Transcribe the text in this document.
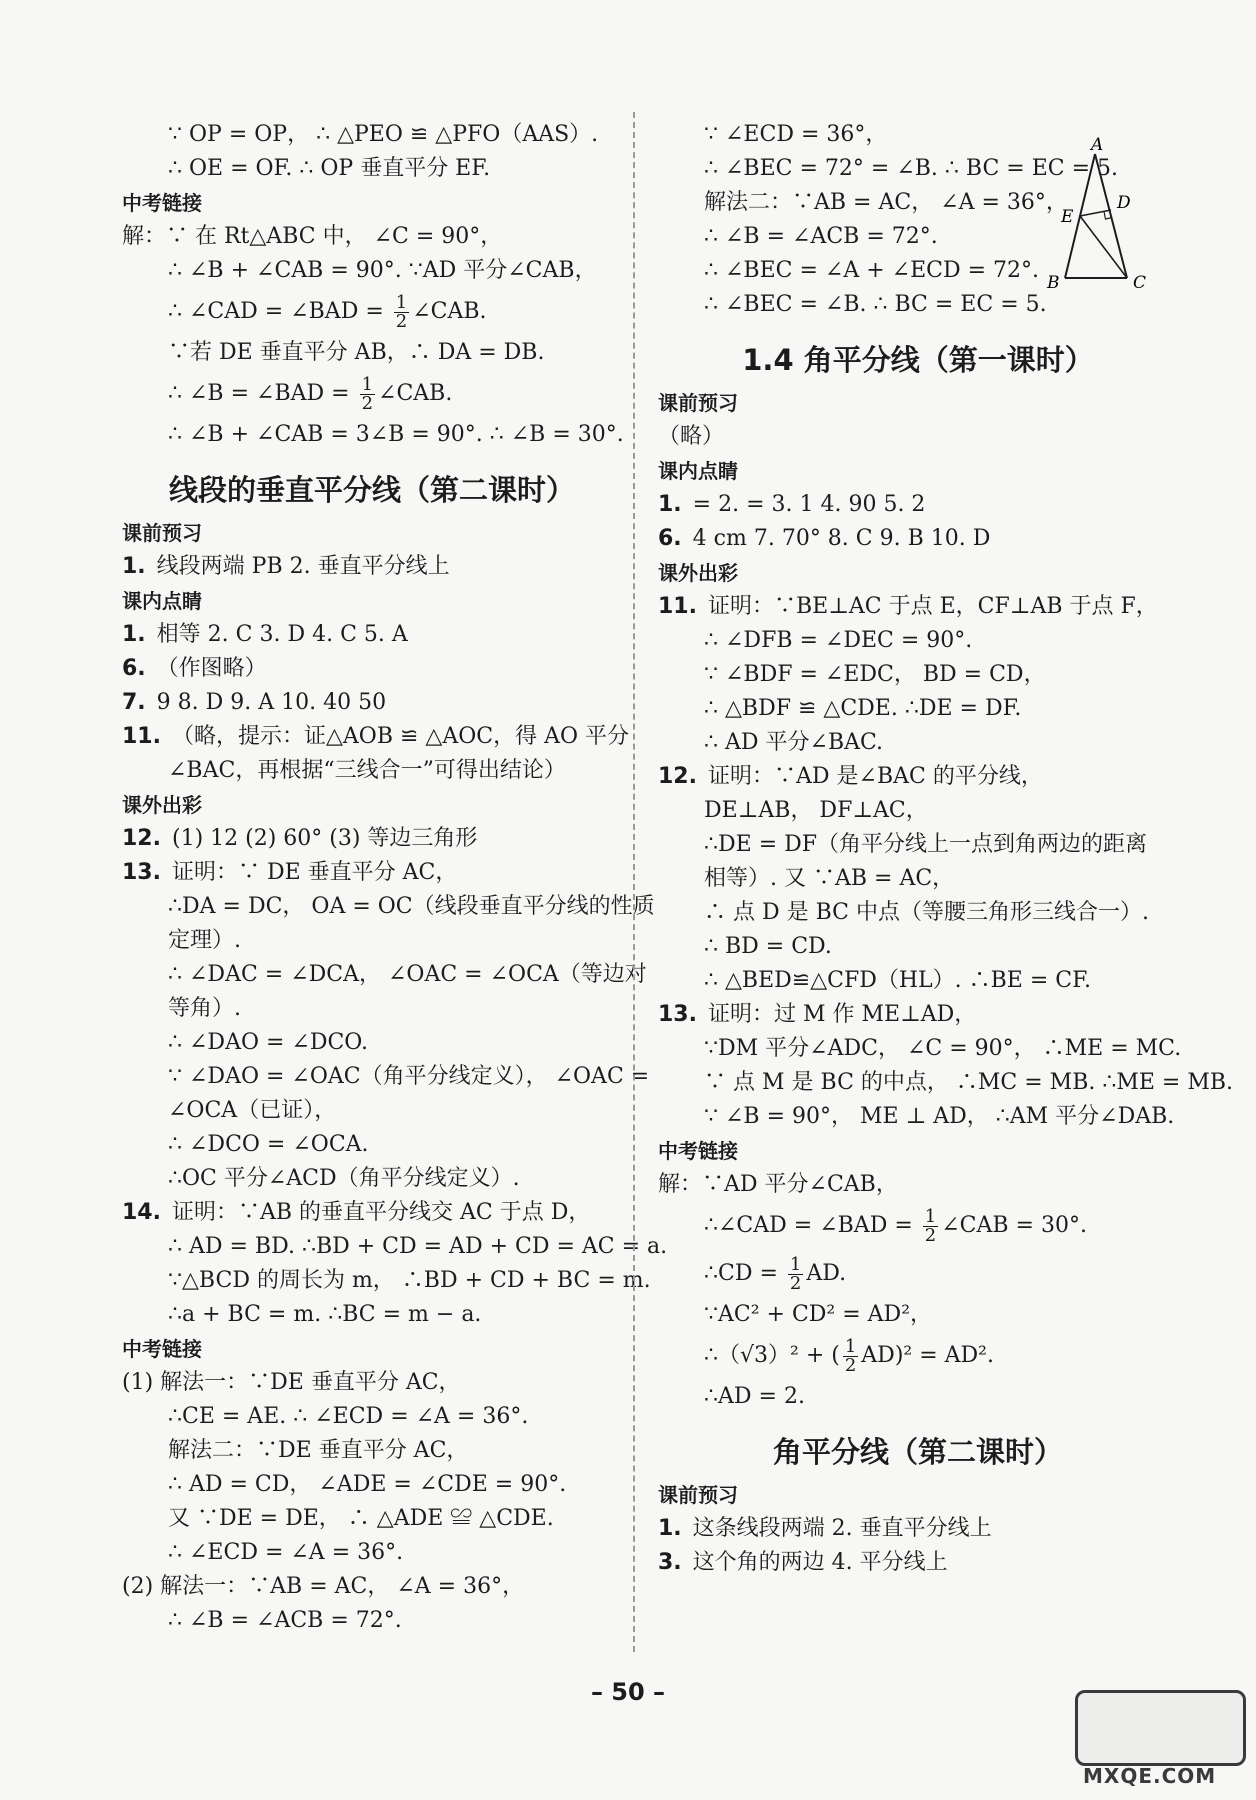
∵ OP = OP， ∴ △PEO ≌ △PFO（AAS）.
∴ OE = OF. ∴ OP 垂直平分 EF.
中考链接
解：∵ 在 Rt△ABC 中， ∠C = 90°，
∴ ∠B + ∠CAB = 90°. ∵AD 平分∠CAB，
∴ ∠CAD = ∠BAD = $\frac{1}{2}$ ∠CAB.
∵若 DE 垂直平分 AB，∴ DA = DB.
∴ ∠B = ∠BAD = $\frac{1}{2}$ ∠CAB.
∴ ∠B + ∠CAB = 3∠B = 90°. ∴ ∠B = 30°.
线段的垂直平分线（第二课时）
课前预习
1.  线段两端 PB 2. 垂直平分线上
课内点睛
1.  相等 2. C 3. D 4. C 5. A
6.  （作图略）
7.  9 8. D 9. A 10. 40 50
11.  （略，提示：证△AOB ≌ △AOC，得 AO 平分
∠BAC，再根据“三线合一”可得出结论）
课外出彩
12.  (1) 12 (2) 60° (3) 等边三角形
13.  证明：∵ DE 垂直平分 AC，
∴DA = DC， OA = OC（线段垂直平分线的性质
定理）.
∴ ∠DAC = ∠DCA， ∠OAC = ∠OCA（等边对
等角）.
∴ ∠DAO = ∠DCO.
∵ ∠DAO = ∠OAC（角平分线定义）， ∠OAC =
∠OCA（已证），
∴ ∠DCO = ∠OCA.
∴OC 平分∠ACD（角平分线定义）.
14.  证明：∵AB 的垂直平分线交 AC 于点 D，
∴ AD = BD. ∴BD + CD = AD + CD = AC = a.
∵△BCD 的周长为 m， ∴BD + CD + BC = m.
∴a + BC = m. ∴BC = m − a.
中考链接
(1) 解法一：∵DE 垂直平分 AC，
∴CE = AE. ∴ ∠ECD = ∠A = 36°.
解法二：∵DE 垂直平分 AC，
∴ AD = CD， ∠ADE = ∠CDE = 90°.
又 ∵DE = DE， ∴ △ADE ≌ △CDE.
∴ ∠ECD = ∠A = 36°.
(2) 解法一：∵AB = AC， ∠A = 36°，
∴ ∠B = ∠ACB = 72°.
∵ ∠ECD = 36°，
∴ ∠BEC = 72° = ∠B. ∴ BC = EC = 5.
解法二：∵AB = AC， ∠A = 36°，
∴ ∠B = ∠ACB = 72°.
∴ ∠BEC = ∠A + ∠ECD = 72°.
∴ ∠BEC = ∠B. ∴ BC = EC = 5.
1.4 角平分线（第一课时）
课前预习
（略）
课内点睛
1.  = 2. = 3. 1 4. 90 5. 2
6.  4 cm 7. 70° 8. C 9. B 10. D
课外出彩
11.  证明：∵BE⊥AC 于点 E，CF⊥AB 于点 F，
∴ ∠DFB = ∠DEC = 90°.
∵ ∠BDF = ∠EDC， BD = CD，
∴ △BDF ≌ △CDE. ∴DE = DF.
∴ AD 平分∠BAC.
12.  证明：∵AD 是∠BAC 的平分线，
DE⊥AB， DF⊥AC，
∴DE = DF（角平分线上一点到角两边的距离
相等）. 又 ∵AB = AC，
∴ 点 D 是 BC 中点（等腰三角形三线合一）.
∴ BD = CD.
∴ △BED≌△CFD（HL）. ∴BE = CF.
13.  证明：过 M 作 ME⊥AD，
∵DM 平分∠ADC， ∠C = 90°， ∴ME = MC.
∵ 点 M 是 BC 的中点， ∴MC = MB. ∴ME = MB.
∵ ∠B = 90°， ME ⊥ AD， ∴AM 平分∠DAB.
中考链接
解：∵AD 平分∠CAB，
∴∠CAD = ∠BAD = $\frac{1}{2}$ ∠CAB = 30°.
∴CD = $\frac{1}{2}$ AD.
∵AC² + CD² = AD²，
∴（√3）² + ( $\frac{1}{2} AD)^2 = AD^2$.
∴AD = 2.
角平分线（第二课时）
课前预习
1.  这条线段两端 2. 垂直平分线上
3.  这个角的两边 4. 平分线上
A
D
E
B	C
– 50 –
MXQE.COM
